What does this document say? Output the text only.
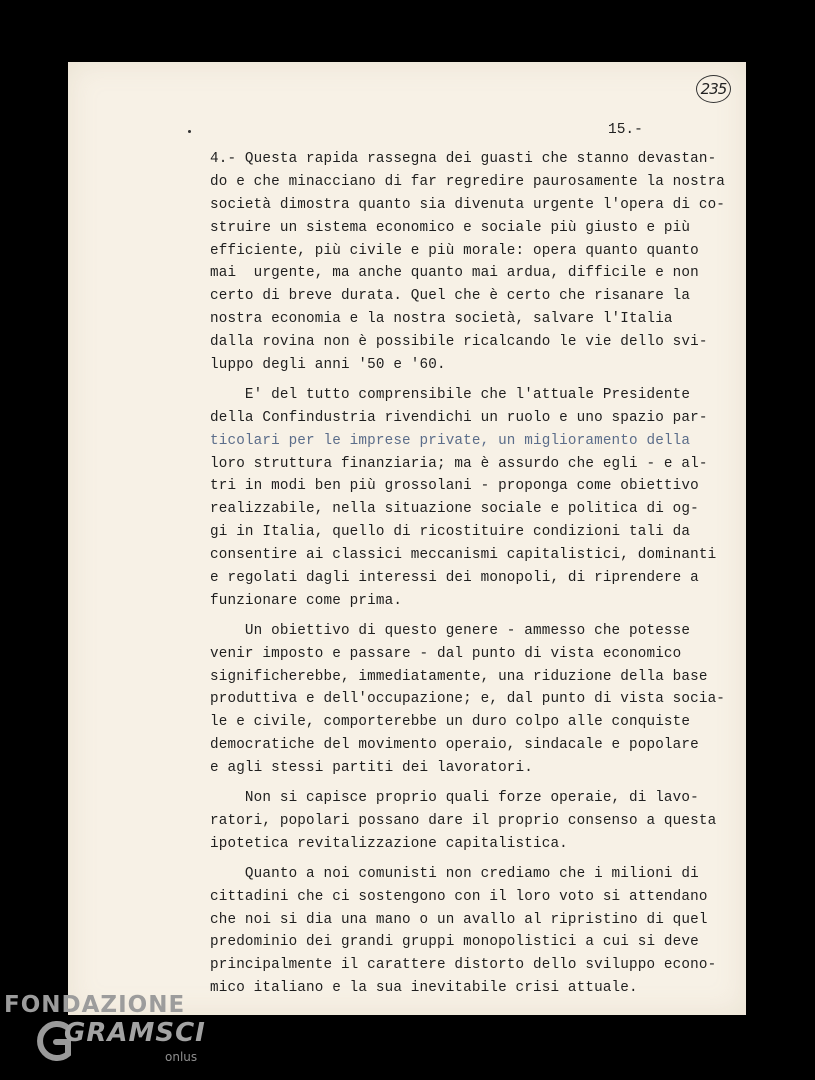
235
15.-
4.- Questa rapida rassegna dei guasti che stanno devastan-
do e che minacciano di far regredire paurosamente la nostra
società dimostra quanto sia divenuta urgente l'opera di co-
struire un sistema economico e sociale più giusto e più
efficiente, più civile e più morale: opera quanto quanto
mai  urgente, ma anche quanto mai ardua, difficile e non
certo di breve durata. Quel che è certo che risanare la
nostra economia e la nostra società, salvare l'Italia
dalla rovina non è possibile ricalcando le vie dello svi-
luppo degli anni '50 e '60.
E' del tutto comprensibile che l'attuale Presidente
della Confindustria rivendichi un ruolo e uno spazio par-
ticolari per le imprese private, un miglioramento della
loro struttura finanziaria; ma è assurdo che egli - e al-
tri in modi ben più grossolani - proponga come obiettivo
realizzabile, nella situazione sociale e politica di og-
gi in Italia, quello di ricostituire condizioni tali da
consentire ai classici meccanismi capitalistici, dominanti
e regolati dagli interessi dei monopoli, di riprendere a
funzionare come prima.
Un obiettivo di questo genere - ammesso che potesse
venir imposto e passare - dal punto di vista economico
significherebbe, immediatamente, una riduzione della base
produttiva e dell'occupazione; e, dal punto di vista socia-
le e civile, comporterebbe un duro colpo alle conquiste
democratiche del movimento operaio, sindacale e popolare
e agli stessi partiti dei lavoratori.
Non si capisce proprio quali forze operaie, di lavo-
ratori, popolari possano dare il proprio consenso a questa
ipotetica revitalizzazione capitalistica.
Quanto a noi comunisti non crediamo che i milioni di
cittadini che ci sostengono con il loro voto si attendano
che noi si dia una mano o un avallo al ripristino di quel
predominio dei grandi gruppi monopolistici a cui si deve
principalmente il carattere distorto dello sviluppo econo-
mico italiano e la sua inevitabile crisi attuale.
FONDAZIONE
GRAMSCI
onlus
